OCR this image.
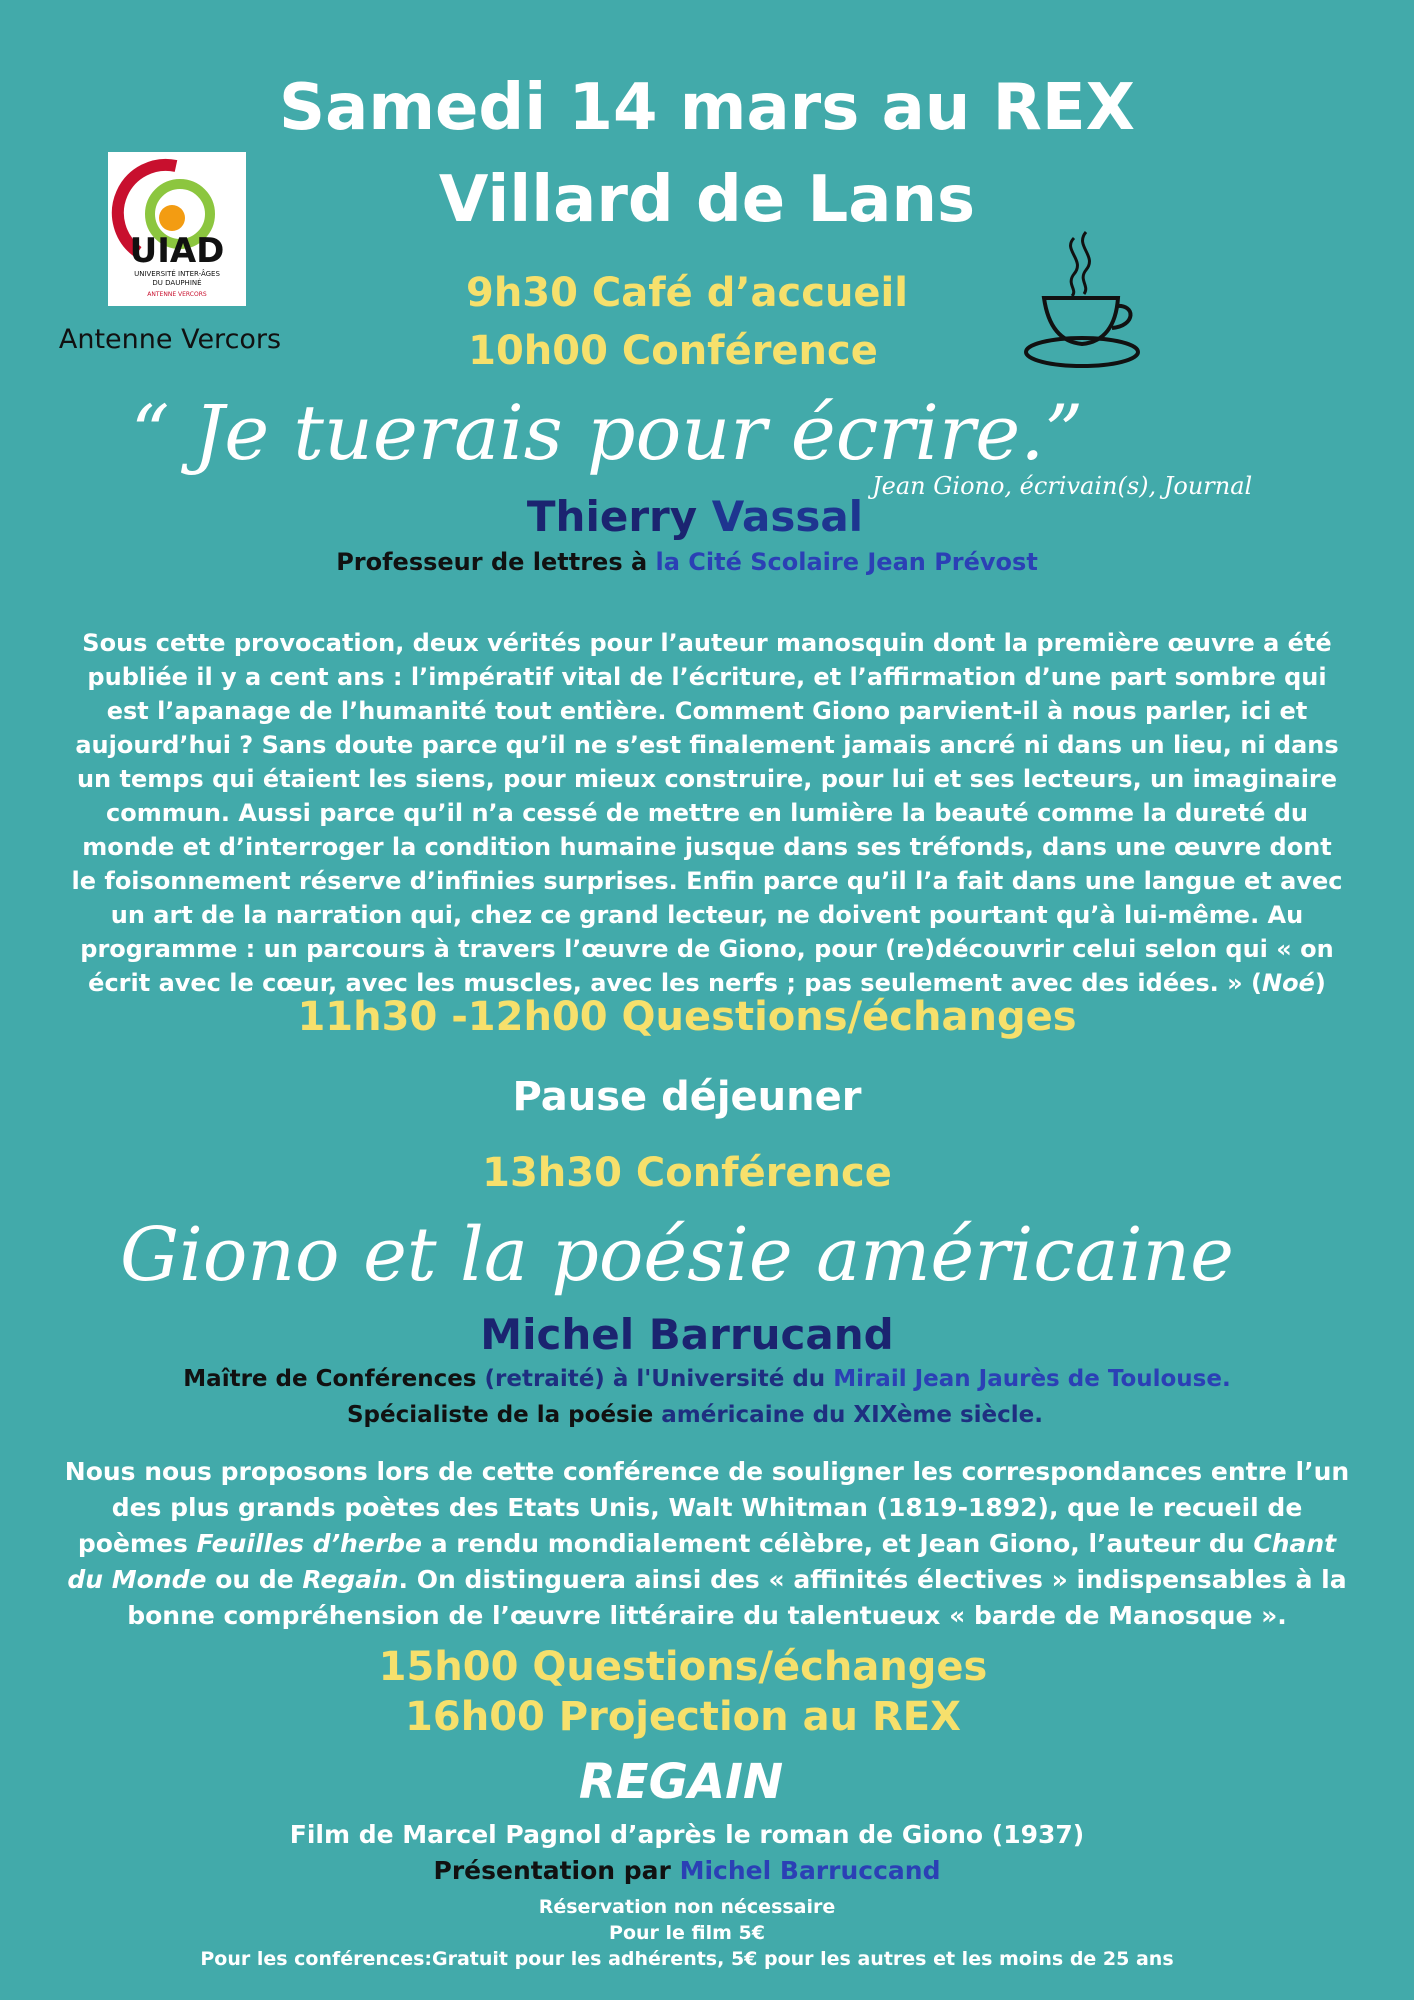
Samedi 14 mars au REX
Villard de Lans
UIAD
UNIVERSITÉ INTER-ÂGES
DU DAUPHINÉ
ANTENNE VERCORS
Antenne Vercors
9h30 Café d’accueil
10h00 Conférence
“ Je tuerais pour écrire.”
Jean Giono, écrivain(s), Journal
Thierry Vassal
Professeur de lettres à la Cité Scolaire Jean Prévost
Sous cette provocation, deux vérités pour l’auteur manosquin dont la première œuvre a été publiée il y a cent ans : l’impératif vital de l’écriture, et l’affirmation d’une part sombre qui est l’apanage de l’humanité tout entière. Comment Giono parvient-il à nous parler, ici et aujourd’hui ? Sans doute parce qu’il ne s’est finalement jamais ancré ni dans un lieu, ni dans un temps qui étaient les siens, pour mieux construire, pour lui et ses lecteurs, un imaginaire commun. Aussi parce qu’il n’a cessé de mettre en lumière la beauté comme la dureté du monde et d’interroger la condition humaine jusque dans ses tréfonds, dans une œuvre dont le foisonnement réserve d’infinies surprises. Enfin parce qu’il l’a fait dans une langue et avec un art de la narration qui, chez ce grand lecteur, ne doivent pourtant qu’à lui-même. Au programme : un parcours à travers l’œuvre de Giono, pour (re)découvrir celui selon qui « on écrit avec le cœur, avec les muscles, avec les nerfs ; pas seulement avec des idées. » (Noé)
11h30 -12h00 Questions/échanges
Pause déjeuner
13h30 Conférence
Giono et la poésie américaine
Michel Barrucand
Maître de Conférences (retraité) à l'Université du Mirail Jean Jaurès de Toulouse.
Spécialiste de la poésie américaine du XIXème siècle.
Nous nous proposons lors de cette conférence de souligner les correspondances entre l’un des plus grands poètes des Etats Unis, Walt Whitman (1819-1892), que le recueil de poèmes Feuilles d’herbe a rendu mondialement célèbre, et Jean Giono, l’auteur du Chant du Monde ou de Regain. On distinguera ainsi des « affinités électives » indispensables à la bonne compréhension de l’œuvre littéraire du talentueux « barde de Manosque ».
15h00 Questions/échanges
16h00 Projection au REX
REGAIN
Film de Marcel Pagnol d’après le roman de Giono (1937)
Présentation par Michel Barruccand
Réservation non nécessaire
Pour le film 5€
Pour les conférences:Gratuit pour les adhérents, 5€ pour les autres et les moins de 25 ans
